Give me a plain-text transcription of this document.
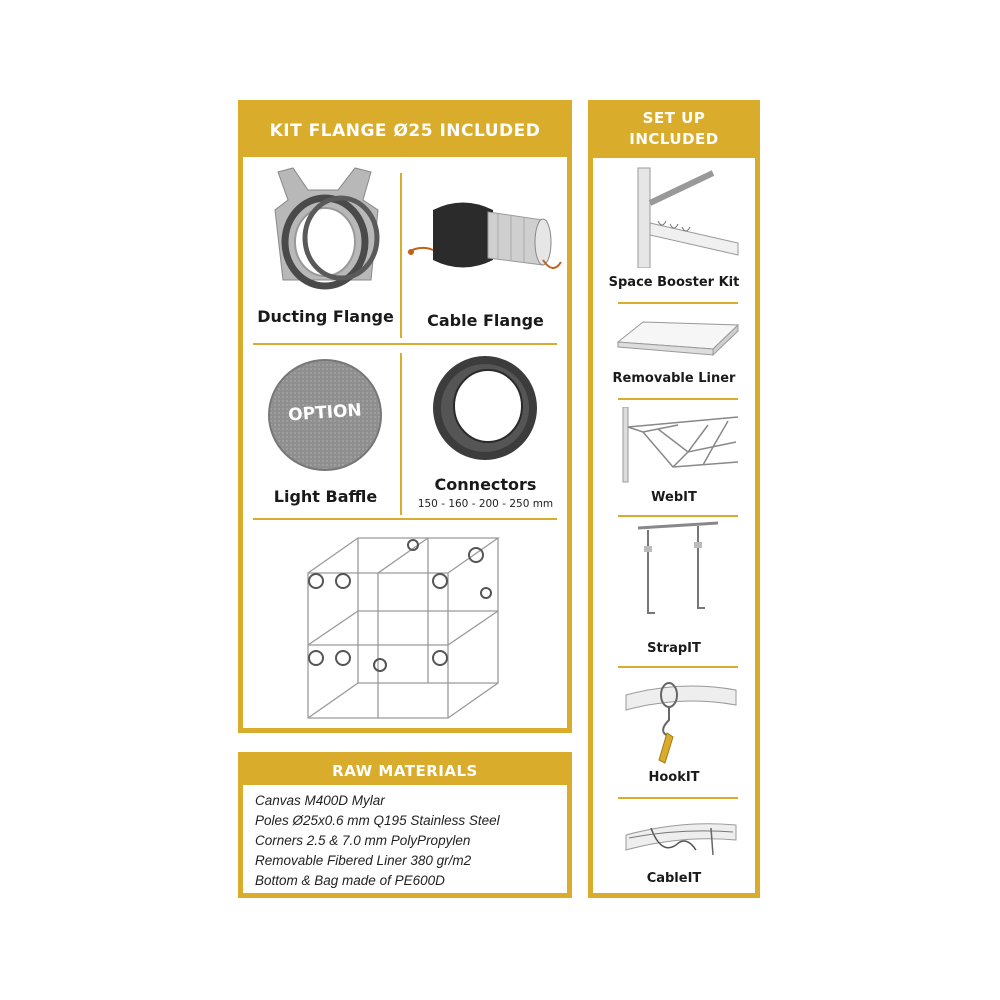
KIT FLANGE Ø25 INCLUDED
Ducting Flange	Cable Flange
OPTION
Light Baffle
Connectors
150 - 160 - 200 - 250 mm
SET UP
INCLUDED
Space Booster Kit
Removable Liner
WebIT
StrapIT
HookIT
CableIT
RAW MATERIALS
Canvas M400D Mylar
Poles Ø25x0.6 mm Q195 Stainless Steel
Corners 2.5 & 7.0 mm PolyPropylen
Removable Fibered Liner 380 gr/m2
Bottom & Bag made of PE600D
